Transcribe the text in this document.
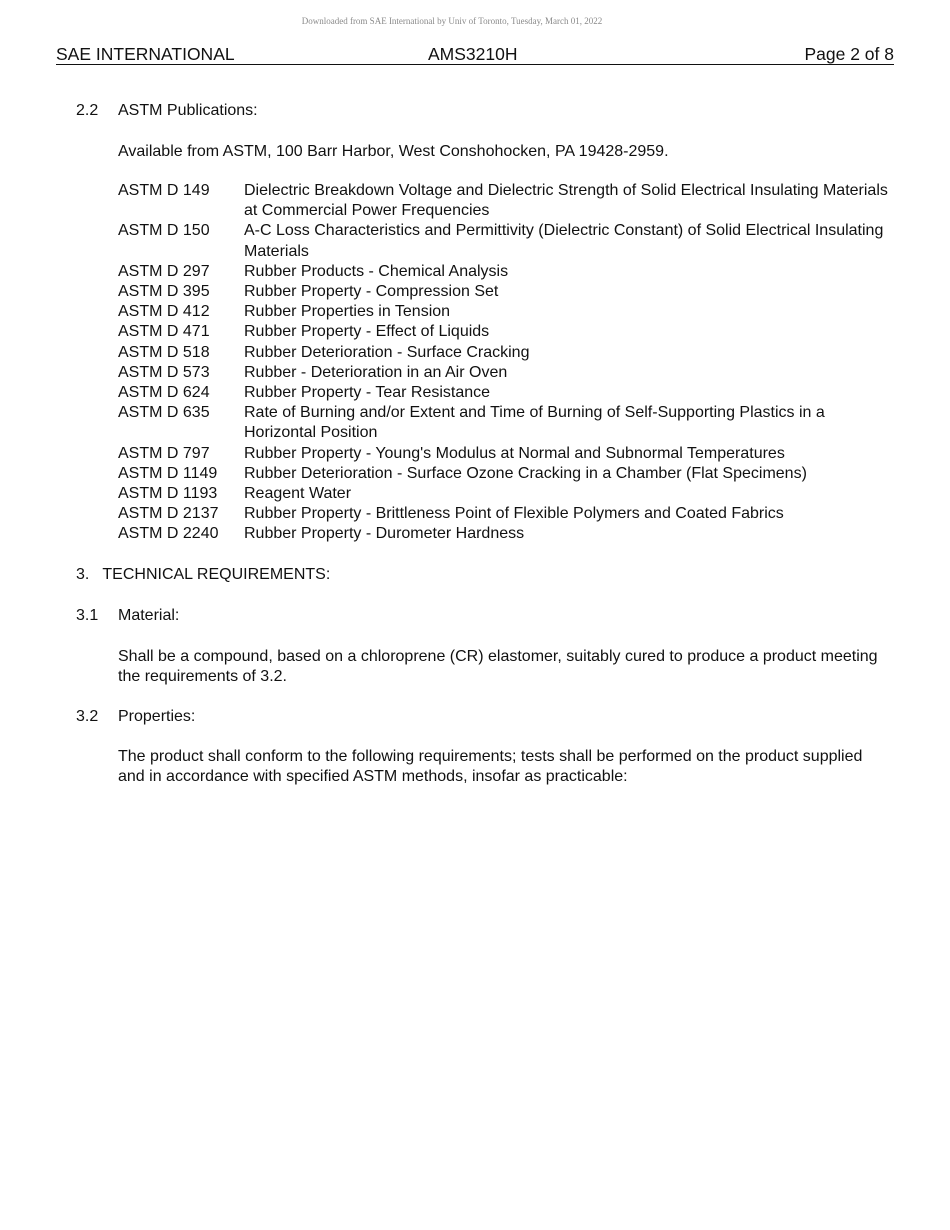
Downloaded from SAE International by Univ of Toronto, Tuesday, March 01, 2022
SAE INTERNATIONAL	AMS3210H	Page 2 of 8
2.2 ASTM Publications:
Available from ASTM, 100 Barr Harbor, West Conshohocken, PA 19428-2959.
ASTM D 149	Dielectric Breakdown Voltage and Dielectric Strength of Solid Electrical Insulating Materials at Commercial Power Frequencies
ASTM D 150	A-C Loss Characteristics and Permittivity (Dielectric Constant) of Solid Electrical Insulating Materials
ASTM D 297	Rubber Products - Chemical Analysis
ASTM D 395	Rubber Property - Compression Set
ASTM D 412	Rubber Properties in Tension
ASTM D 471	Rubber Property - Effect of Liquids
ASTM D 518	Rubber Deterioration - Surface Cracking
ASTM D 573	Rubber - Deterioration in an Air Oven
ASTM D 624	Rubber Property - Tear Resistance
ASTM D 635	Rate of Burning and/or Extent and Time of Burning of Self-Supporting Plastics in a Horizontal Position
ASTM D 797	Rubber Property - Young's Modulus at Normal and Subnormal Temperatures
ASTM D 1149	Rubber Deterioration - Surface Ozone Cracking in a Chamber (Flat Specimens)
ASTM D 1193	Reagent Water
ASTM D 2137	Rubber Property - Brittleness Point of Flexible Polymers and Coated Fabrics
ASTM D 2240	Rubber Property - Durometer Hardness
3.   TECHNICAL REQUIREMENTS:
3.1 Material:
Shall be a compound, based on a chloroprene (CR) elastomer, suitably cured to produce a product meeting the requirements of 3.2.
3.2 Properties:
The product shall conform to the following requirements; tests shall be performed on the product supplied and in accordance with specified ASTM methods, insofar as practicable:
